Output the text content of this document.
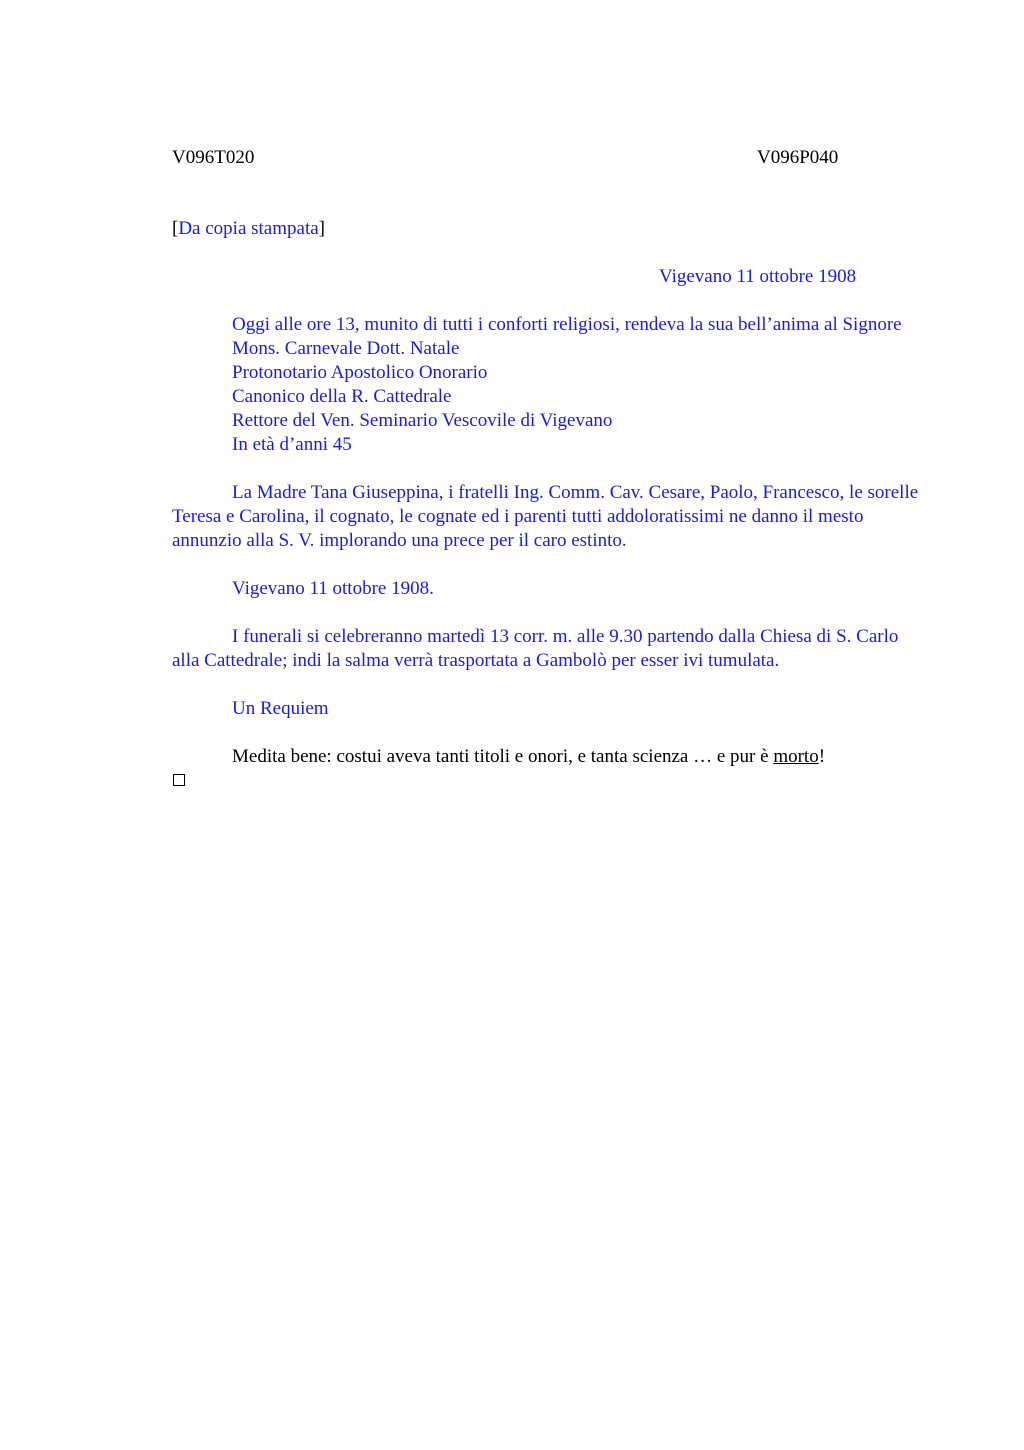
V096T020	V096P040
[Da copia stampata]
Vigevano 11 ottobre 1908

Oggi alle ore 13, munito di tutti i conforti religiosi, rendeva la sua bell’anima al Signore

Mons. Carnevale Dott. Natale

Protonotario Apostolico Onorario

Canonico della R. Cattedrale

Rettore del Ven. Seminario Vescovile di Vigevano

In età d’anni 45

La Madre Tana Giuseppina, i fratelli Ing. Comm. Cav. Cesare, Paolo, Francesco, le sorelle Teresa e Carolina, il cognato, le cognate ed i parenti tutti addoloratissimi ne danno il mesto annunzio alla S. V. implorando una prece per il caro estinto.

Vigevano 11 ottobre 1908.

I funerali si celebreranno martedì 13 corr. m. alle 9.30 partendo dalla Chiesa di S. Carlo alla Cattedrale; indi la salma verrà trasportata a Gambolò per esser ivi tumulata.

Un Requiem

Medita bene: costui aveva tanti titoli e onori, e tanta scienza … e pur è morto!
